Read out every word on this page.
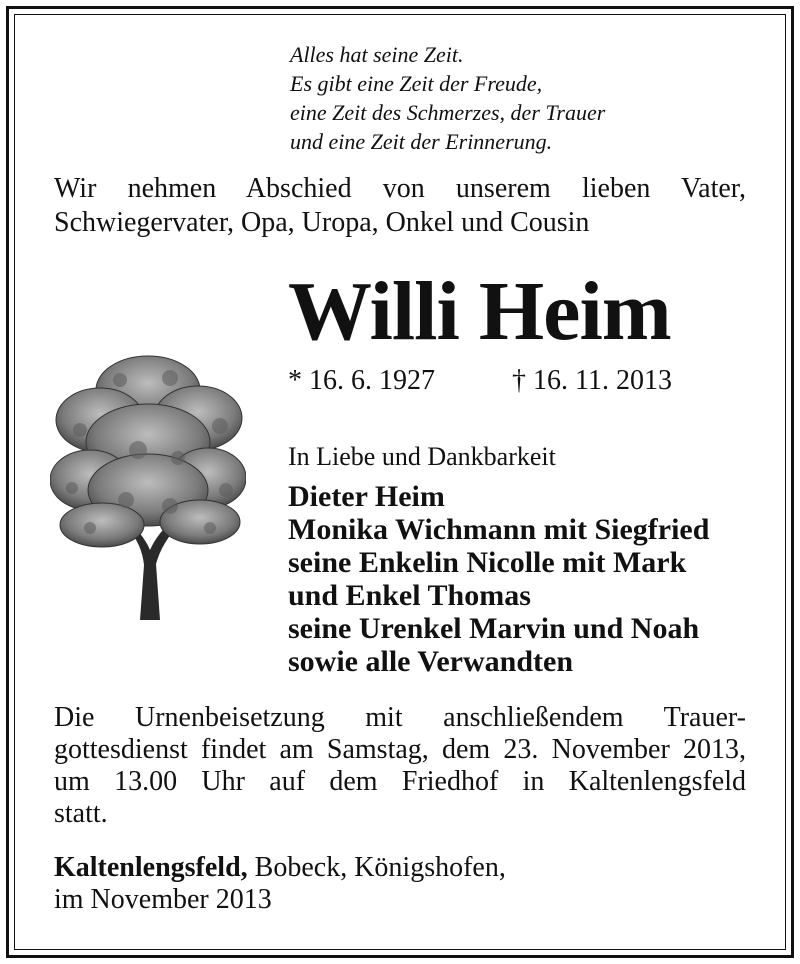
Alles hat seine Zeit.
Es gibt eine Zeit der Freude,
eine Zeit des Schmerzes, der Trauer
und eine Zeit der Erinnerung.
Wir nehmen Abschied von unserem lieben Vater,
Schwiegervater, Opa, Uropa, Onkel und Cousin
Willi Heim
* 16. 6. 1927	† 16. 11. 2013
In Liebe und Dankbarkeit
Dieter Heim
Monika Wichmann mit Siegfried
seine Enkelin Nicolle mit Mark
und Enkel Thomas
seine Urenkel Marvin und Noah
sowie alle Verwandten
Die Urnenbeisetzung mit anschließendem Trauer-
gottesdienst findet am Samstag, dem 23. November 2013,
um 13.00 Uhr auf dem Friedhof in Kaltenlengsfeld
statt.
Kaltenlengsfeld, Bobeck, Königshofen,
im November 2013
